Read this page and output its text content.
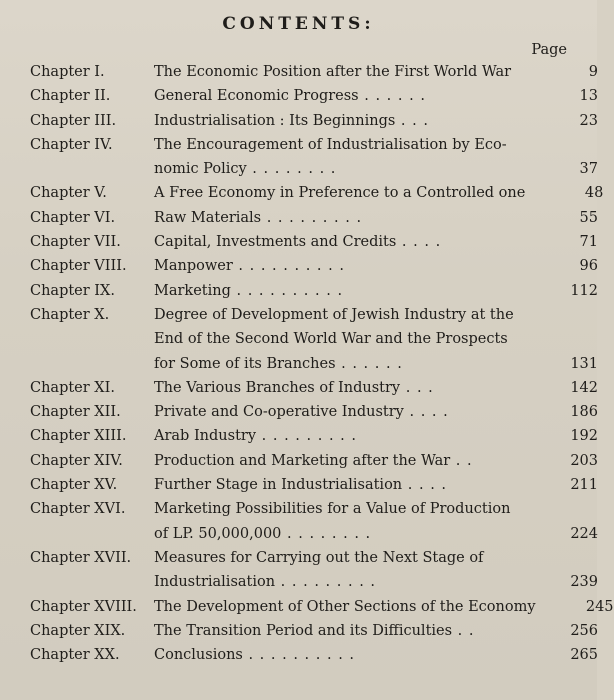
CONTENTS:
Page
Chapter I.	The Economic Position after the First World War	9
Chapter II.	General Economic Progress . . . . . .	13
Chapter III.	Industrialisation : Its Beginnings . . .	23
Chapter IV.	The Encouragement of Industrialisation by Eco-
nomic Policy . . . . . . . .	37
Chapter V.	A Free Economy in Preference to a Controlled one	48
Chapter VI.	Raw Materials . . . . . . . . .	55
Chapter VII.	Capital, Investments and Credits . . . .	71
Chapter VIII.	Manpower . . . . . . . . . .	96
Chapter IX.	Marketing . . . . . . . . . .	112
Chapter X.	Degree of Development of Jewish Industry at the
End of the Second World War and the Prospects
for Some of its Branches . . . . . .	131
Chapter XI.	The Various Branches of Industry . . .	142
Chapter XII.	Private and Co-operative Industry . . . .	186
Chapter XIII.	Arab Industry . . . . . . . . .	192
Chapter XIV.	Production and Marketing after the War . .	203
Chapter XV.	Further Stage in Industrialisation . . . .	211
Chapter XVI.	Marketing Possibilities for a Value of Production
of LP. 50,000,000 . . . . . . . .	224
Chapter XVII.	Measures for Carrying out the Next Stage of
Industrialisation . . . . . . . . .	239
Chapter XVIII.	The Development of Other Sections of the Economy	245
Chapter XIX.	The Transition Period and its Difficulties . .	256
Chapter XX.	Conclusions . . . . . . . . . .	265
